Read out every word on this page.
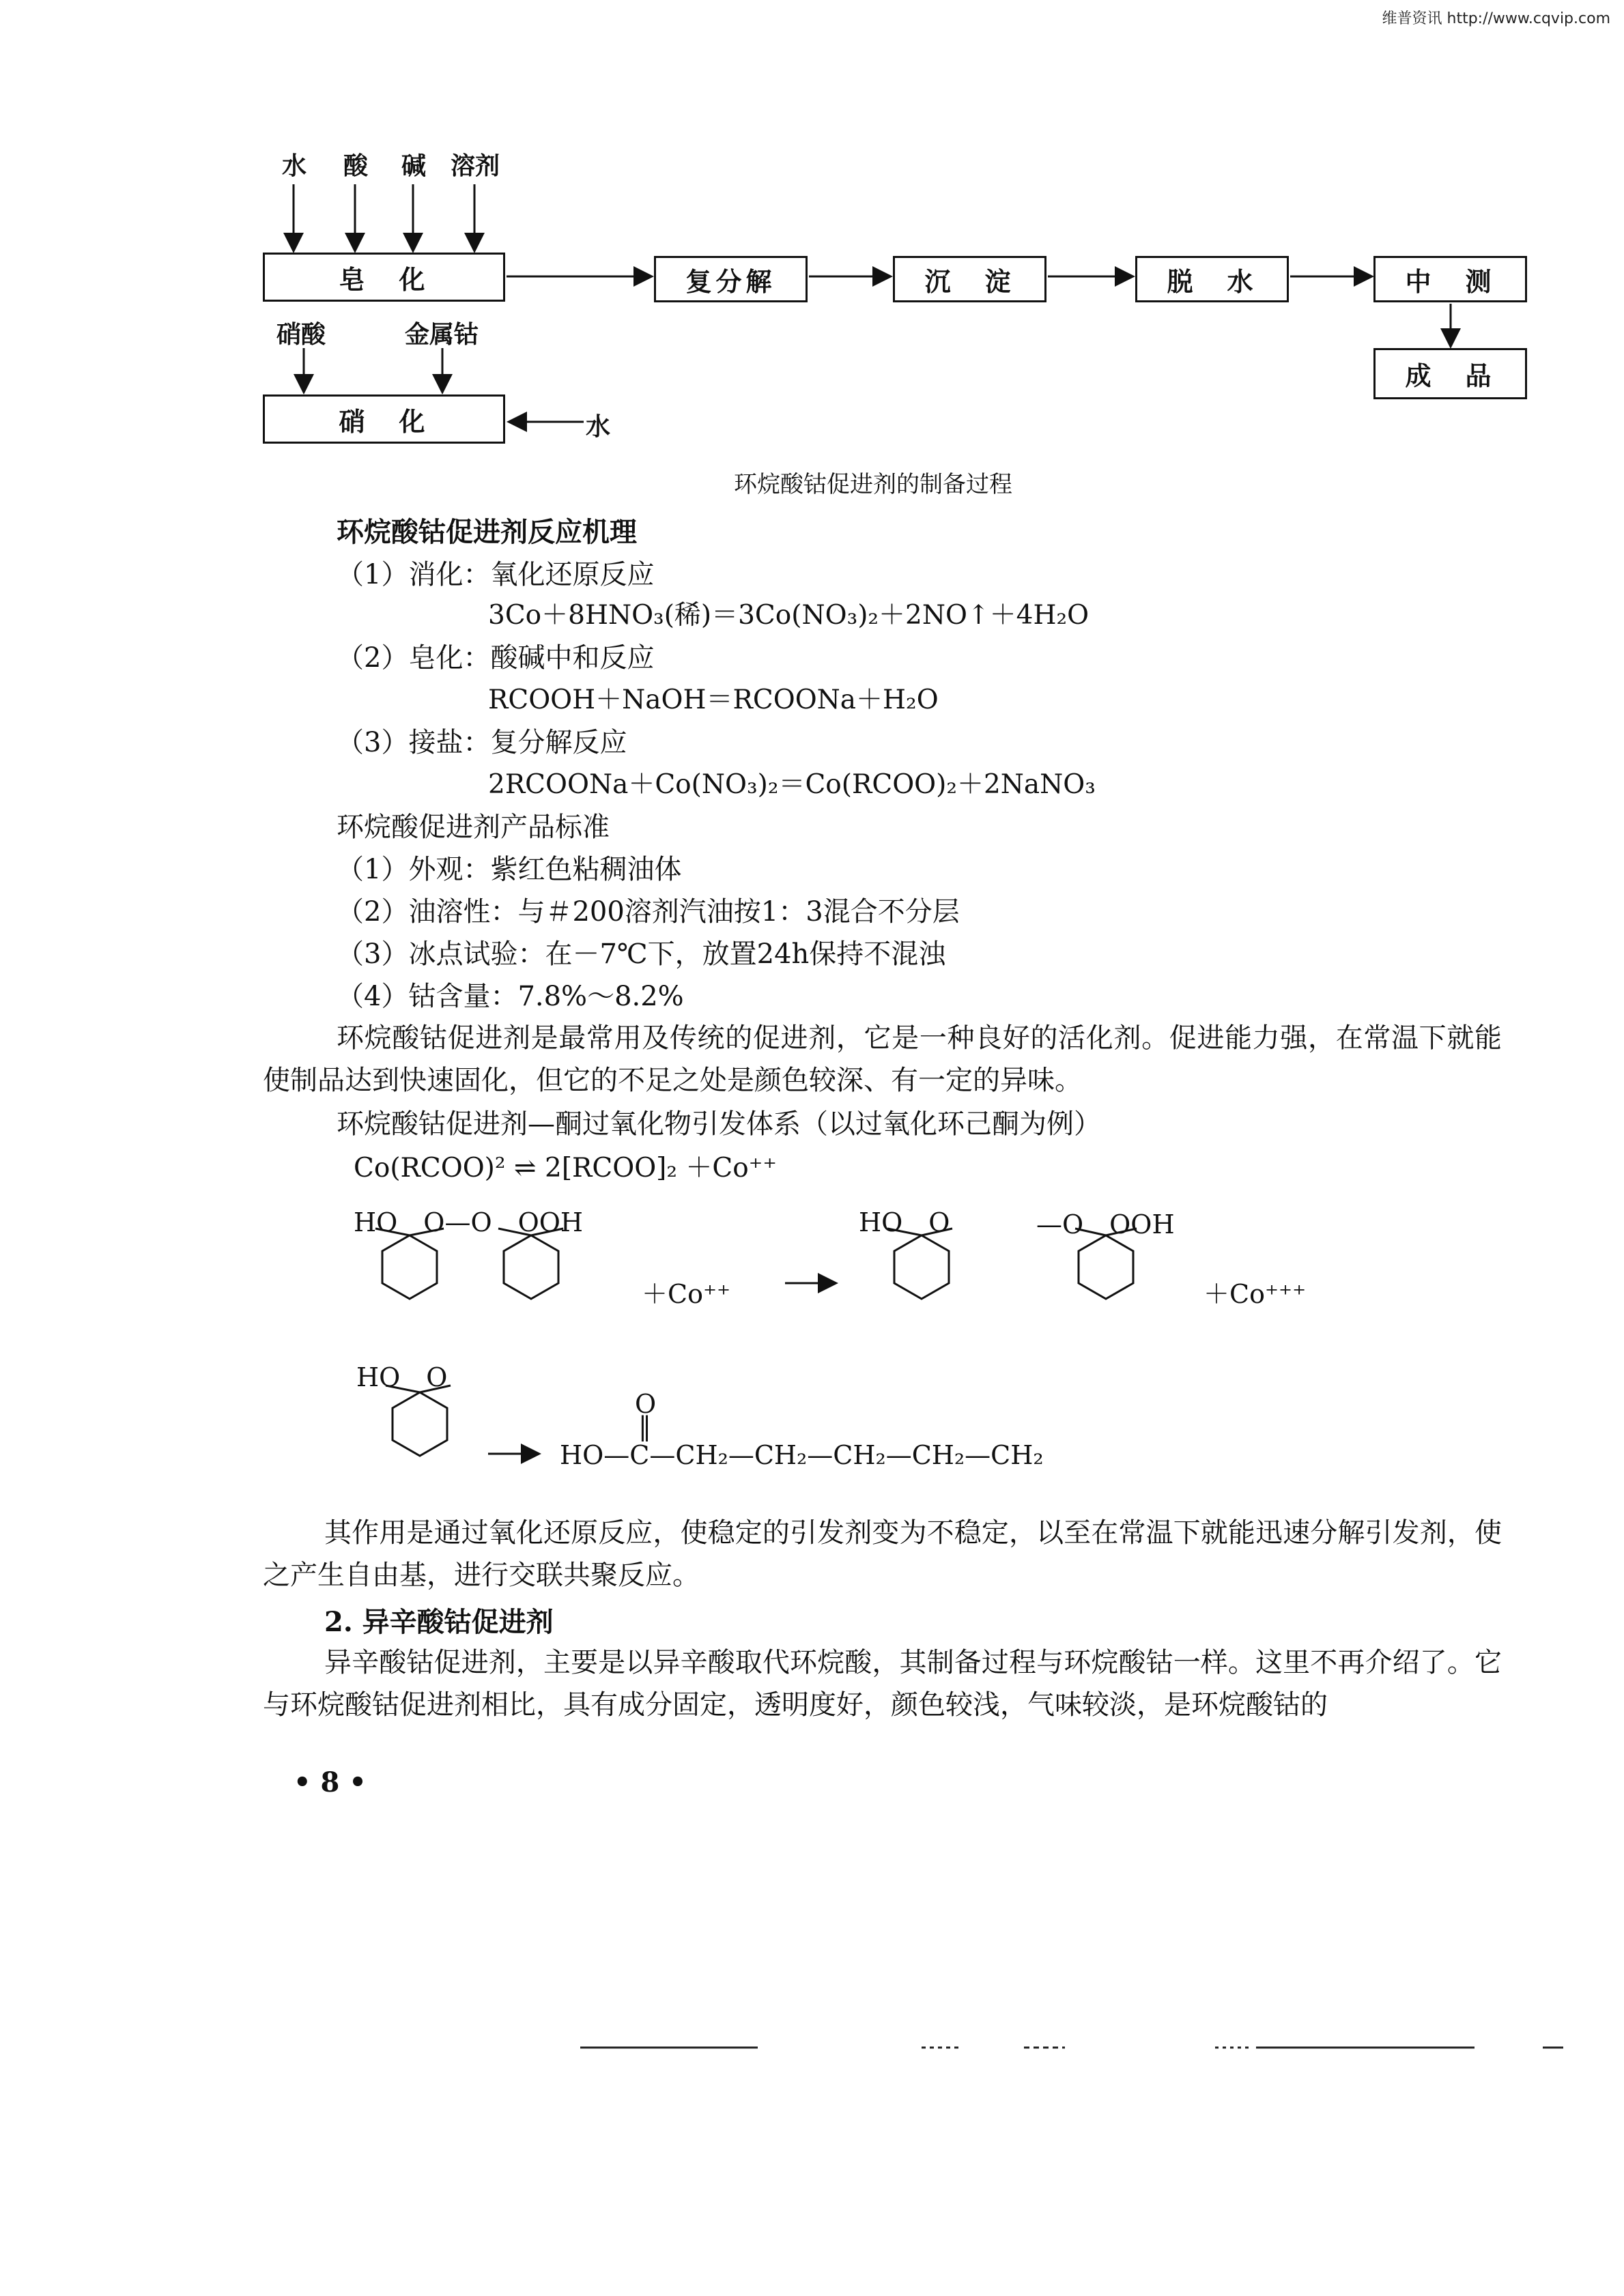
维普资讯 http://www.cqvip.com
水 酸 碱 溶剂
皂　化	复分解	沉　淀	脱　水	中　测
成　品
硝酸	金属钴
硝　化	水
环烷酸钴促进剂的制备过程
环烷酸钴促进剂反应机理
（1）消化：氧化还原反应
3Co＋8HNO₃(稀)＝3Co(NO₃)₂＋2NO↑＋4H₂O
（2）皂化：酸碱中和反应
RCOOH＋NaOH＝RCOONa＋H₂O
（3）接盐：复分解反应
2RCOONa＋Co(NO₃)₂＝Co(RCOO)₂＋2NaNO₃
环烷酸促进剂产品标准
（1）外观：紫红色粘稠油体
（2）油溶性：与＃200溶剂汽油按1：3混合不分层
（3）冰点试验：在－7℃下，放置24h保持不混浊
（4）钴含量：7.8%～8.2%
环烷酸钴促进剂是最常用及传统的促进剂，它是一种良好的活化剂。促进能力强，在常温下就能使制品达到快速固化，但它的不足之处是颜色较深、有一定的异味。
环烷酸钴促进剂—酮过氧化物引发体系（以过氧化环己酮为例）
Co(RCOO)² ⇌ 2[RCOO]₂ ＋Co⁺⁺
HO　O—O　OOH
＋Co⁺⁺
HO　O	—O　OOH
＋Co⁺⁺⁺
HO　O
O
‖
HO—C—CH₂—CH₂—CH₂—CH₂—CH₂
其作用是通过氧化还原反应，使稳定的引发剂变为不稳定，以至在常温下就能迅速分解引发剂，使之产生自由基，进行交联共聚反应。
2. 异辛酸钴促进剂
异辛酸钴促进剂，主要是以异辛酸取代环烷酸，其制备过程与环烷酸钴一样。这里不再介绍了。它与环烷酸钴促进剂相比，具有成分固定，透明度好，颜色较浅，气味较淡，是环烷酸钴的
• 8 •
